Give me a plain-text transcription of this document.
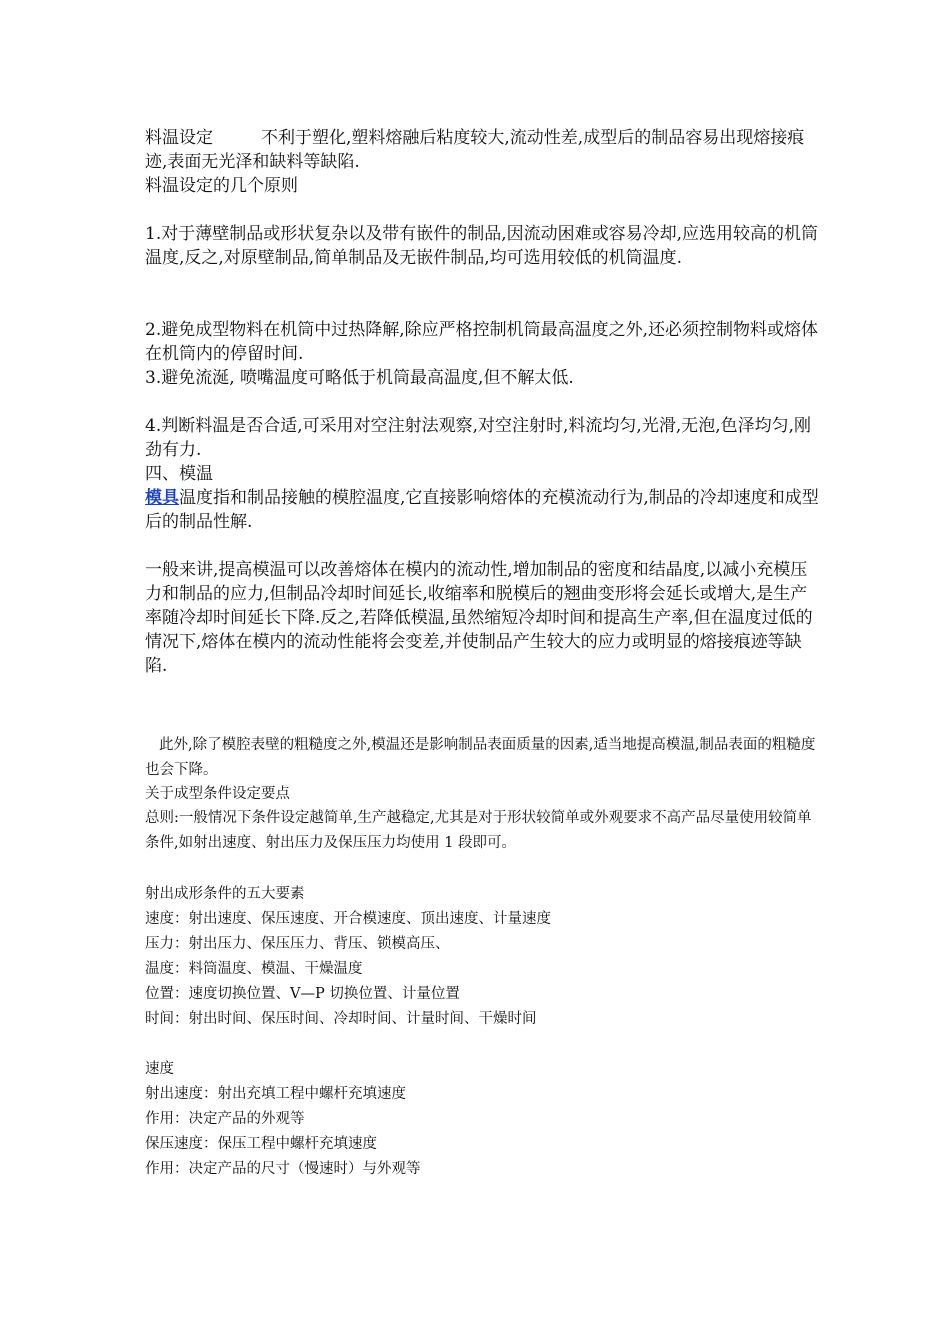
料温设定	不利于塑化,塑料熔融后粘度较大,流动性差,成型后的制品容易出现熔接痕迹,表面无光泽和缺料等缺陷.

料温设定的几个原则

1.对于薄壁制品或形状复杂以及带有嵌件的制品,因流动困难或容易冷却,应选用较高的机筒温度,反之,对原壁制品,简单制品及无嵌件制品,均可选用较低的机筒温度.

2.避免成型物料在机筒中过热降解,除应严格控制机筒最高温度之外,还必须控制物料或熔体在机筒内的停留时间.

3.避免流涎, 喷嘴温度可略低于机筒最高温度,但不解太低.

4.判断料温是否合适,可采用对空注射法观察,对空注射时,料流均匀,光滑,无泡,色泽均匀,刚劲有力.

四、模温

模具温度指和制品接触的模腔温度,它直接影响熔体的充模流动行为,制品的冷却速度和成型后的制品性解.

一般来讲,提高模温可以改善熔体在模内的流动性,增加制品的密度和结晶度,以减小充模压力和制品的应力,但制品冷却时间延长,收缩率和脱模后的翘曲变形将会延长或增大,是生产率随冷却时间延长下降.反之,若降低模温,虽然缩短冷却时间和提高生产率,但在温度过低的情况下,熔体在模内的流动性能将会变差,并使制品产生较大的应力或明显的熔接痕迹等缺陷.

此外,除了模腔表壁的粗糙度之外,模温还是影响制品表面质量的因素,适当地提高模温,制品表面的粗糙度也会下降。

关于成型条件设定要点

总则:一般情况下条件设定越简单,生产越稳定,尤其是对于形状较简单或外观要求不高产品尽量使用较简单条件,如射出速度、射出压力及保压压力均使用 1 段即可。

射出成形条件的五大要素

速度：射出速度、保压速度、开合模速度、顶出速度、计量速度

压力：射出压力、保压压力、背压、锁模高压、

温度：料筒温度、模温、干燥温度

位置：速度切换位置、V—P 切换位置、计量位置

时间：射出时间、保压时间、冷却时间、计量时间、干燥时间

速度

射出速度：射出充填工程中螺杆充填速度

作用：决定产品的外观等

保压速度：保压工程中螺杆充填速度

作用：决定产品的尺寸（慢速时）与外观等
